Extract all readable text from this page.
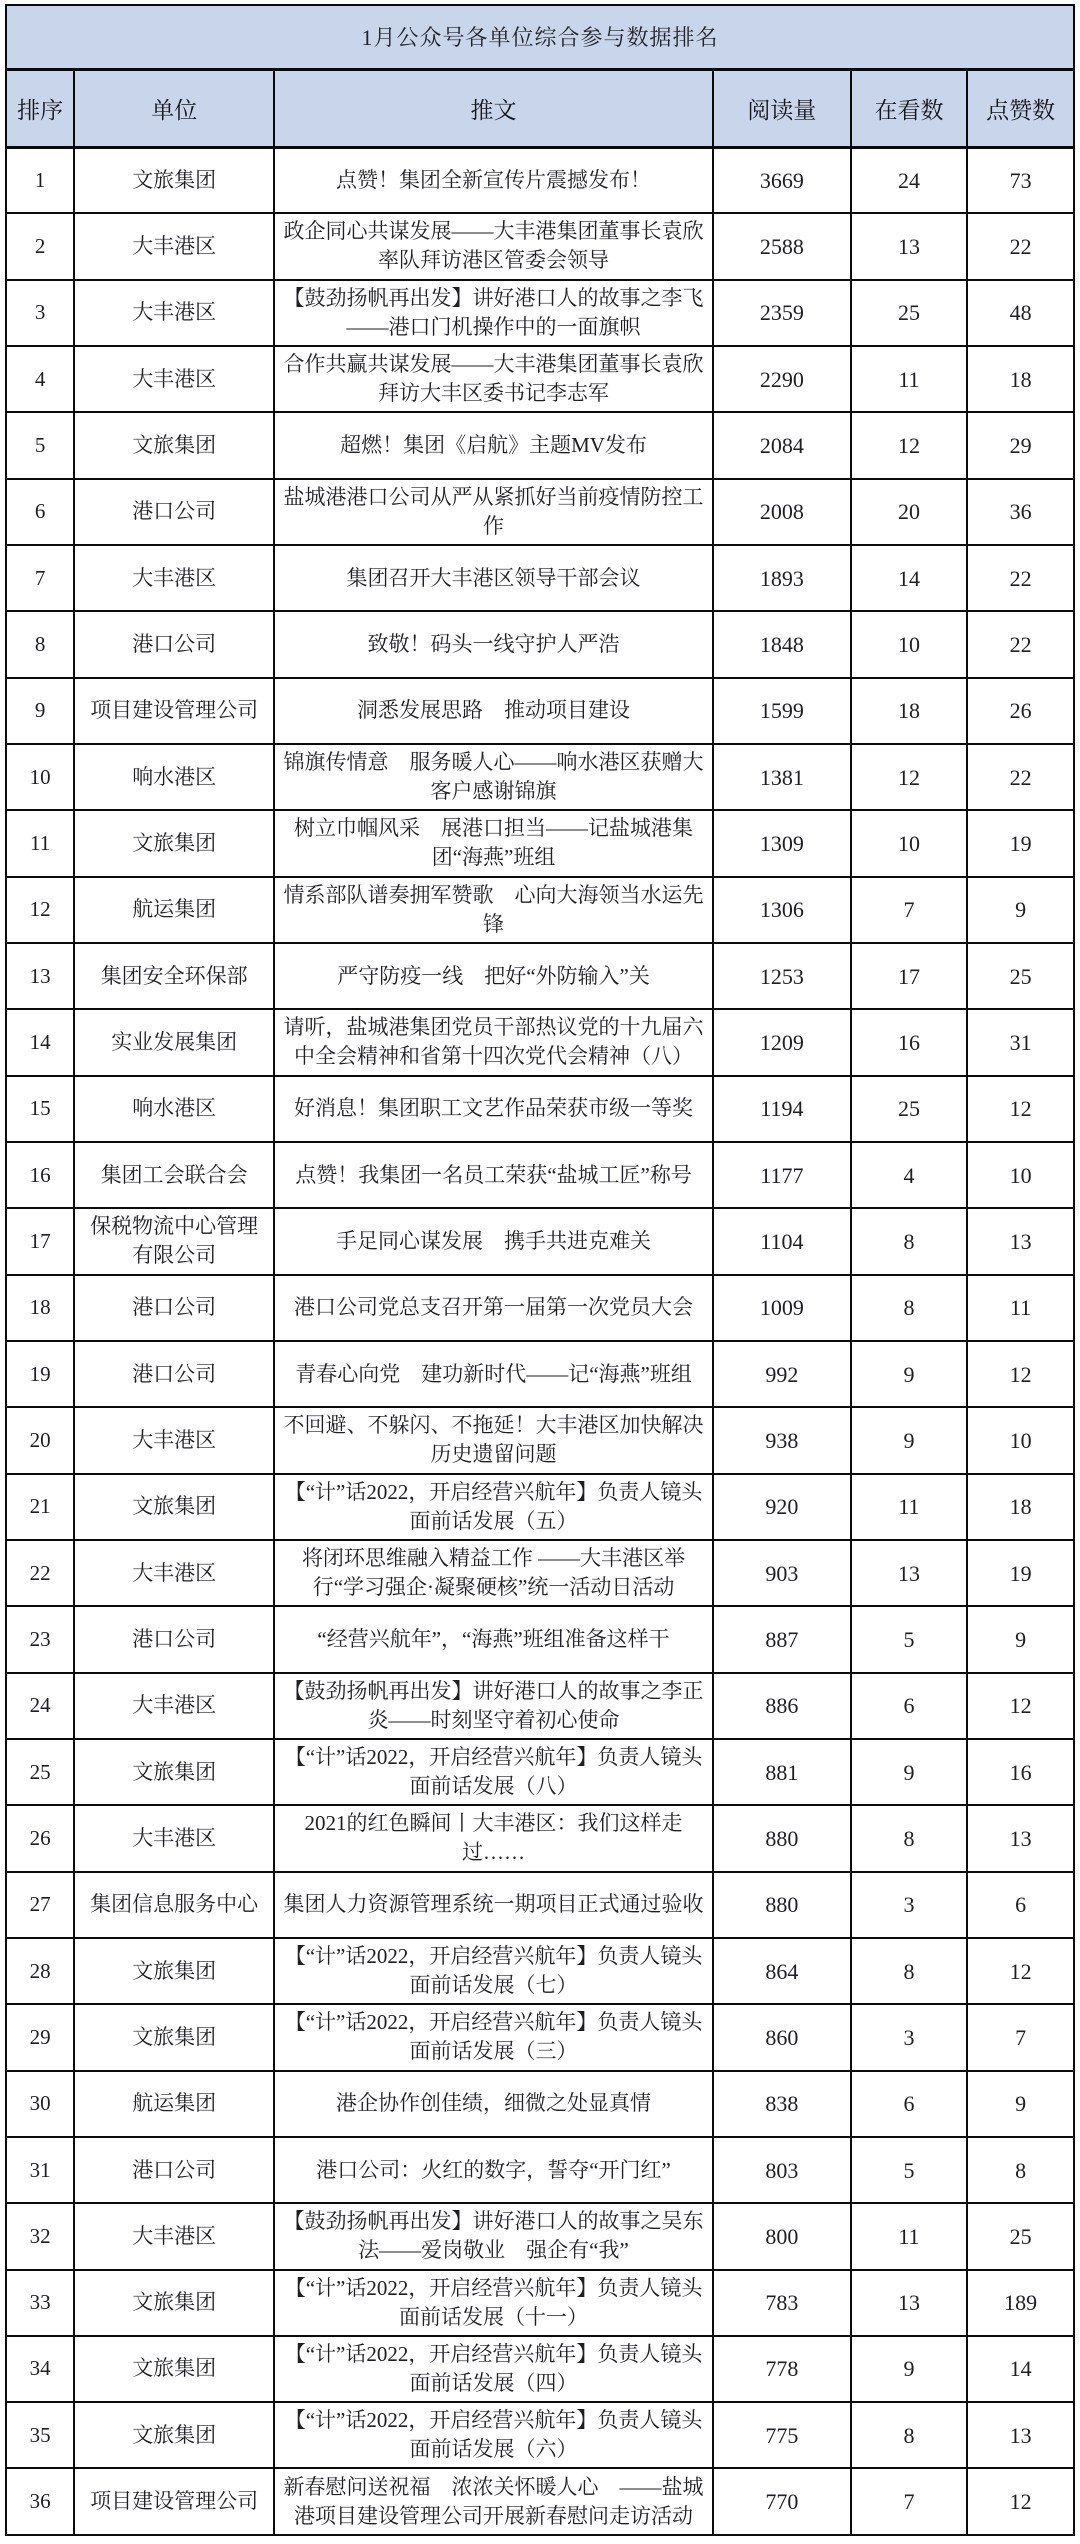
1月公众号各单位综合参与数据排名					
排序	单位	推文	阅读量	在看数	点赞数
1	文旅集团	点赞！集团全新宣传片震撼发布！	3669	24	73
2	大丰港区	政企同心共谋发展——大丰港集团董事长袁欣率队拜访港区管委会领导	2588	13	22
3	大丰港区	【鼓劲扬帆再出发】讲好港口人的故事之李飞——港口门机操作中的一面旗帜	2359	25	48
4	大丰港区	合作共赢共谋发展——大丰港集团董事长袁欣拜访大丰区委书记李志军	2290	11	18
5	文旅集团	超燃！集团《启航》主题MV发布	2084	12	29
6	港口公司	盐城港港口公司从严从紧抓好当前疫情防控工作	2008	20	36
7	大丰港区	集团召开大丰港区领导干部会议	1893	14	22
8	港口公司	致敬！码头一线守护人严浩	1848	10	22
9	项目建设管理公司	洞悉发展思路　推动项目建设	1599	18	26
10	响水港区	锦旗传情意　服务暖人心——响水港区获赠大客户感谢锦旗	1381	12	22
11	文旅集团	树立巾帼风采　展港口担当——记盐城港集团“海燕”班组	1309	10	19
12	航运集团	情系部队谱奏拥军赞歌　心向大海领当水运先锋	1306	7	9
13	集团安全环保部	严守防疫一线　把好“外防输入”关	1253	17	25
14	实业发展集团	请听，盐城港集团党员干部热议党的十九届六中全会精神和省第十四次党代会精神（八）	1209	16	31
15	响水港区	好消息！集团职工文艺作品荣获市级一等奖	1194	25	12
16	集团工会联合会	点赞！我集团一名员工荣获“盐城工匠”称号	1177	4	10
17	保税物流中心管理有限公司	手足同心谋发展　携手共进克难关	1104	8	13
18	港口公司	港口公司党总支召开第一届第一次党员大会	1009	8	11
19	港口公司	青春心向党　建功新时代——记“海燕”班组	992	9	12
20	大丰港区	不回避、不躲闪、不拖延！大丰港区加快解决历史遗留问题	938	9	10
21	文旅集团	【“计”话2022，开启经营兴航年】负责人镜头面前话发展（五）	920	11	18
22	大丰港区	将闭环思维融入精益工作 ——大丰港区举行“学习强企·凝聚硬核”统一活动日活动	903	13	19
23	港口公司	“经营兴航年”，“海燕”班组准备这样干	887	5	9
24	大丰港区	【鼓劲扬帆再出发】讲好港口人的故事之李正炎——时刻坚守着初心使命	886	6	12
25	文旅集团	【“计”话2022，开启经营兴航年】负责人镜头面前话发展（八）	881	9	16
26	大丰港区	2021的红色瞬间丨大丰港区：我们这样走过……	880	8	13
27	集团信息服务中心	集团人力资源管理系统一期项目正式通过验收	880	3	6
28	文旅集团	【“计”话2022，开启经营兴航年】负责人镜头面前话发展（七）	864	8	12
29	文旅集团	【“计”话2022，开启经营兴航年】负责人镜头面前话发展（三）	860	3	7
30	航运集团	港企协作创佳绩，细微之处显真情	838	6	9
31	港口公司	港口公司：火红的数字，誓夺“开门红”	803	5	8
32	大丰港区	【鼓劲扬帆再出发】讲好港口人的故事之吴东法——爱岗敬业　强企有“我”	800	11	25
33	文旅集团	【“计”话2022，开启经营兴航年】负责人镜头面前话发展（十一）	783	13	189
34	文旅集团	【“计”话2022，开启经营兴航年】负责人镜头面前话发展（四）	778	9	14
35	文旅集团	【“计”话2022，开启经营兴航年】负责人镜头面前话发展（六）	775	8	13
36	项目建设管理公司	新春慰问送祝福　浓浓关怀暖人心　——盐城港项目建设管理公司开展新春慰问走访活动	770	7	12
